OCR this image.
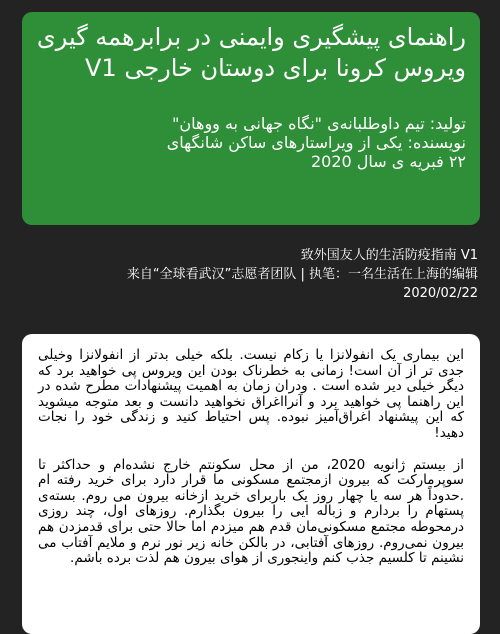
راهنمای پیشگیری وایمنی در برابرهمه گیری ویروس کرونا برای دوستان خارجی V1
تولید: تیم داوطلبانه‌ی "نگاه جهانی به ووهان"
نویسنده: یکی از ویراستارهای ساکن شانگهای
۲۲ فبریه ی سال 2020
致外国友人的生活防疫指南 V1
来自“全球看武汉”志愿者团队 | 执笔：一名生活在上海的编辑
2020/02/22

این بیماری یک انفولانزا یا زکام نیست. بلکه خیلی بدتر از انفولانزا وخیلی جدی تر از آن است! زمانی به خطرناک بودن این ویروس پی خواهید برد که دیگر خیلی دیر شده است . ودران زمان به اهمیت پیشنهادات مطرح شده در این راهنما پی خواهید برد و آنرااغراق نخواهید دانست و بعد متوجه میشوید که این پیشنهاد اغراق‌آمیز نبوده. پس احتیاط کنید و زندگی خود را نجات دهید!

از بیستم ژانویه 2020، من از محل سکونتم خارج نشده‌ام و حداکثر تا سوپرمارکت که بیرون ازمجتمع مسکونی ما قرار دارد برای خرید رفته ام .حدوداً هر سه یا چهار روز یک باربرای خرید ازخانه بیرون می روم. بسته‌ی پستهام را بردارم و زباله ایی را بیرون بگذارم. روزهای اول، چند روزی درمحوطه مجتمع مسکونی‌مان قدم هم میزدم اما حالا حتی برای قدمزدن هم بیرون نمی‌روم. روزهای آفتابی، در بالکن خانه زیر نور نرم و ملایم آفتاب می نشینم تا کلسیم جذب کنم واینجوری از هوای بیرون هم لذت برده باشم.
